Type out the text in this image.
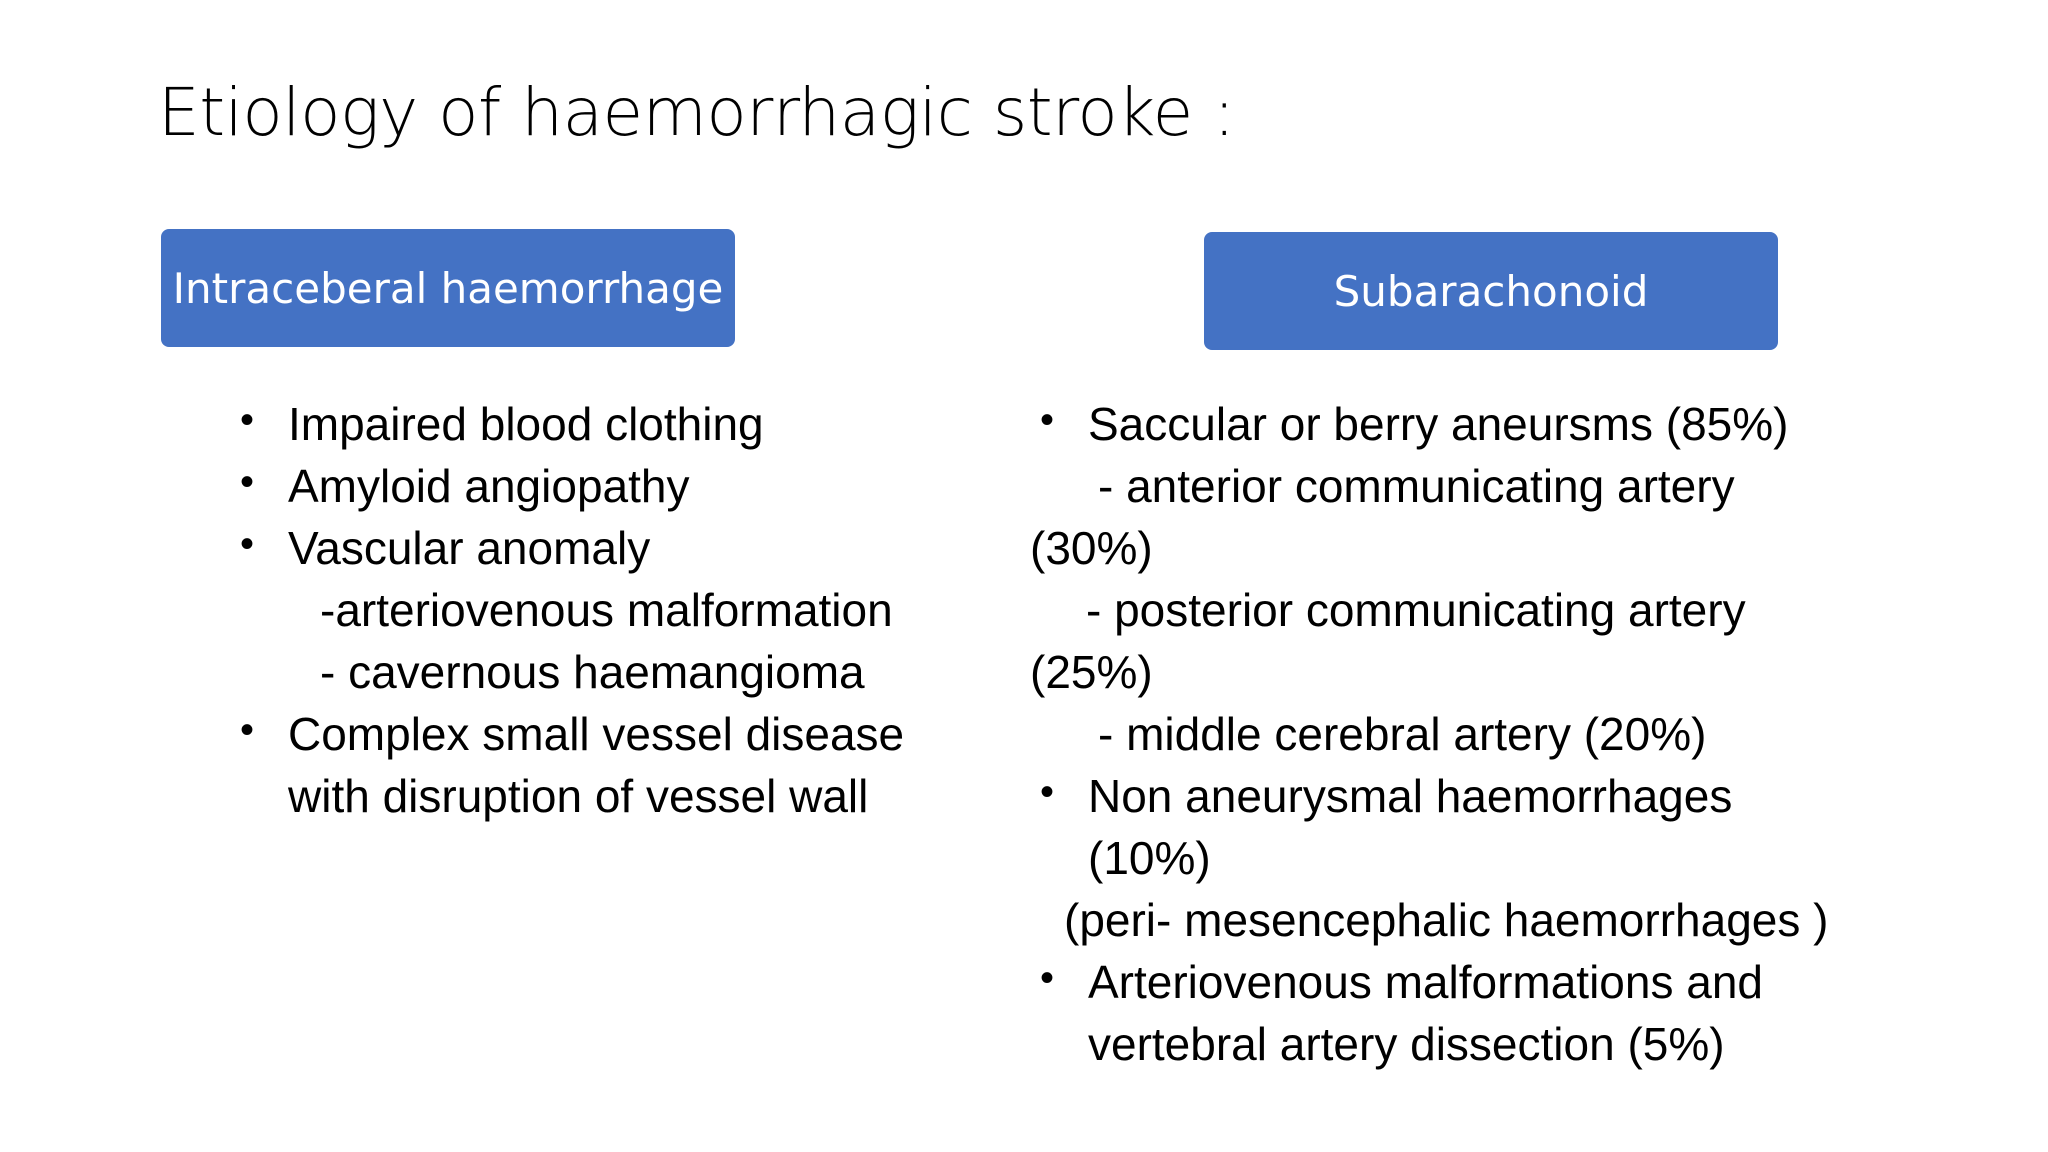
Etiology of haemorrhagic stroke :
Intraceberal haemorrhage	Subarachonoid
• Impaired blood clothing
• Amyloid angiopathy
• Vascular anomaly
-arteriovenous malformation
- cavernous haemangioma
• Complex small vessel disease
with disruption of vessel wall
• Saccular or berry aneursms (85%)
- anterior communicating artery
(30%)
- posterior communicating artery
(25%)
- middle cerebral artery (20%)
• Non aneurysmal haemorrhages
(10%)
(peri- mesencephalic haemorrhages )
• Arteriovenous malformations and
vertebral artery dissection (5%)
